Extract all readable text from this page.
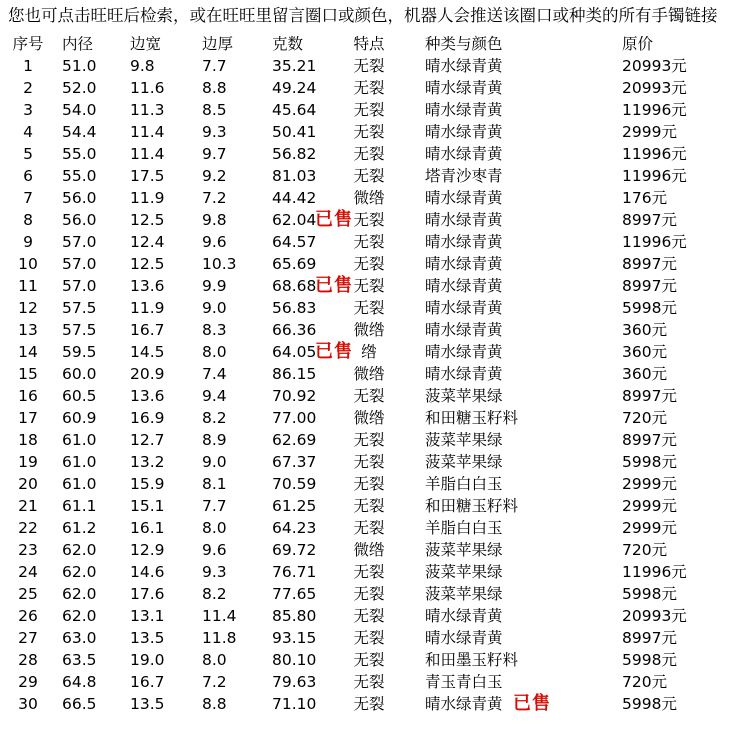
您也可点击旺旺后检索，或在旺旺里留言圈口或颜色，机器人会推送该圈口或种类的所有手镯链接
序号	内径	边宽	边厚	克数	特点	种类与颜色	原价
1	51.0	9.8	7.7	35.21	无裂	晴水绿青黄	20993元
2	52.0	11.6	8.8	49.24	无裂	晴水绿青黄	20993元
3	54.0	11.3	8.5	45.64	无裂	晴水绿青黄	11996元
4	54.4	11.4	9.3	50.41	无裂	晴水绿青黄	2999元
5	55.0	11.4	9.7	56.82	无裂	晴水绿青黄	11996元
6	55.0	17.5	9.2	81.03	无裂	塔青沙枣青	11996元
7	56.0	11.9	7.2	44.42	微绺	晴水绿青黄	176元
8	56.0	12.5	9.8	62.04	无裂	晴水绿青黄	8997元
已售
9	57.0	12.4	9.6	64.57	无裂	晴水绿青黄	11996元
10	57.0	12.5	10.3	65.69	无裂	晴水绿青黄	8997元
11	57.0	13.6	9.9	68.68	无裂	晴水绿青黄	8997元
已售
12	57.5	11.9	9.0	56.83	无裂	晴水绿青黄	5998元
13	57.5	16.7	8.3	66.36	微绺	晴水绿青黄	360元
14	59.5	14.5	8.0	64.05	绺	晴水绿青黄	360元
已售
15	60.0	20.9	7.4	86.15	微绺	晴水绿青黄	360元
16	60.5	13.6	9.4	70.92	无裂	菠菜苹果绿	8997元
17	60.9	16.9	8.2	77.00	微绺	和田糖玉籽料	720元
18	61.0	12.7	8.9	62.69	无裂	菠菜苹果绿	8997元
19	61.0	13.2	9.0	67.37	无裂	菠菜苹果绿	5998元
20	61.0	15.9	8.1	70.59	无裂	羊脂白白玉	2999元
21	61.1	15.1	7.7	61.25	无裂	和田糖玉籽料	2999元
22	61.2	16.1	8.0	64.23	无裂	羊脂白白玉	2999元
23	62.0	12.9	9.6	69.72	微绺	菠菜苹果绿	720元
24	62.0	14.6	9.3	76.71	无裂	菠菜苹果绿	11996元
25	62.0	17.6	8.2	77.65	无裂	菠菜苹果绿	5998元
26	62.0	13.1	11.4	85.80	无裂	晴水绿青黄	20993元
27	63.0	13.5	11.8	93.15	无裂	晴水绿青黄	8997元
28	63.5	19.0	8.0	80.10	无裂	和田墨玉籽料	5998元
29	64.8	16.7	7.2	79.63	无裂	青玉青白玉	720元
30	66.5	13.5	8.8	71.10	无裂	晴水绿青黄	5998元
已售
